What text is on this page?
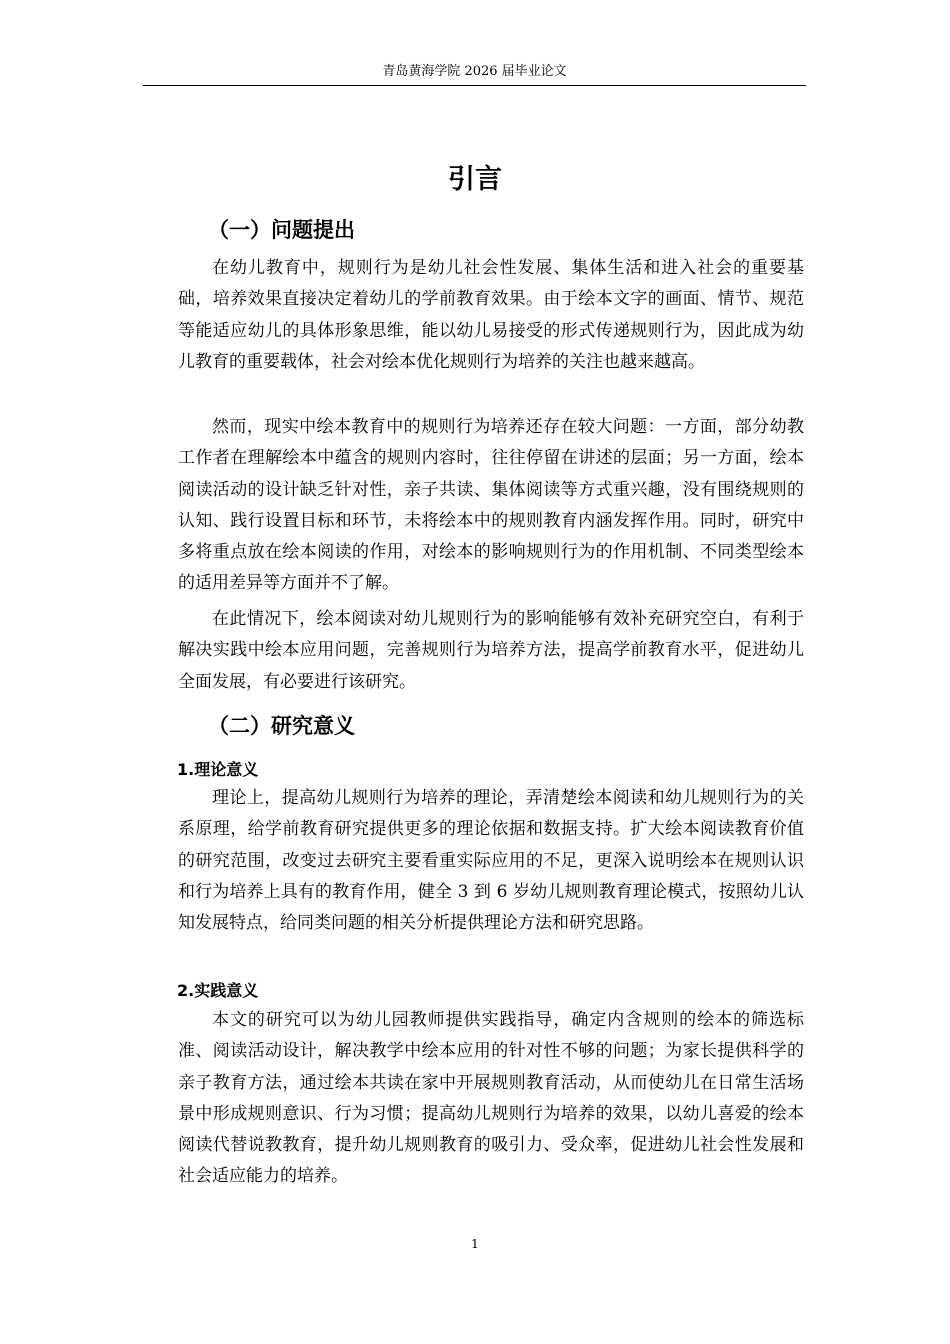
青岛黄海学院 2026 届毕业论文
引言
（一）问题提出

在幼儿教育中，规则行为是幼儿社会性发展、集体生活和进入社会的重要基础，培养效果直接决定着幼儿的学前教育效果。由于绘本文字的画面、情节、规范等能适应幼儿的具体形象思维，能以幼儿易接受的形式传递规则行为，因此成为幼儿教育的重要载体，社会对绘本优化规则行为培养的关注也越来越高。

然而，现实中绘本教育中的规则行为培养还存在较大问题：一方面，部分幼教工作者在理解绘本中蕴含的规则内容时，往往停留在讲述的层面；另一方面，绘本阅读活动的设计缺乏针对性，亲子共读、集体阅读等方式重兴趣，没有围绕规则的认知、践行设置目标和环节，未将绘本中的规则教育内涵发挥作用。同时，研究中多将重点放在绘本阅读的作用，对绘本的影响规则行为的作用机制、不同类型绘本的适用差异等方面并不了解。

在此情况下，绘本阅读对幼儿规则行为的影响能够有效补充研究空白，有利于解决实践中绘本应用问题，完善规则行为培养方法，提高学前教育水平，促进幼儿全面发展，有必要进行该研究。

（二）研究意义
1.理论意义

理论上，提高幼儿规则行为培养的理论，弄清楚绘本阅读和幼儿规则行为的关系原理，给学前教育研究提供更多的理论依据和数据支持。扩大绘本阅读教育价值的研究范围，改变过去研究主要看重实际应用的不足，更深入说明绘本在规则认识和行为培养上具有的教育作用，健全 3 到 6 岁幼儿规则教育理论模式，按照幼儿认知发展特点，给同类问题的相关分析提供理论方法和研究思路。

2.实践意义

本文的研究可以为幼儿园教师提供实践指导，确定内含规则的绘本的筛选标准、阅读活动设计，解决教学中绘本应用的针对性不够的问题；为家长提供科学的亲子教育方法，通过绘本共读在家中开展规则教育活动，从而使幼儿在日常生活场景中形成规则意识、行为习惯；提高幼儿规则行为培养的效果，以幼儿喜爱的绘本阅读代替说教教育，提升幼儿规则教育的吸引力、受众率，促进幼儿社会性发展和社会适应能力的培养。

1
